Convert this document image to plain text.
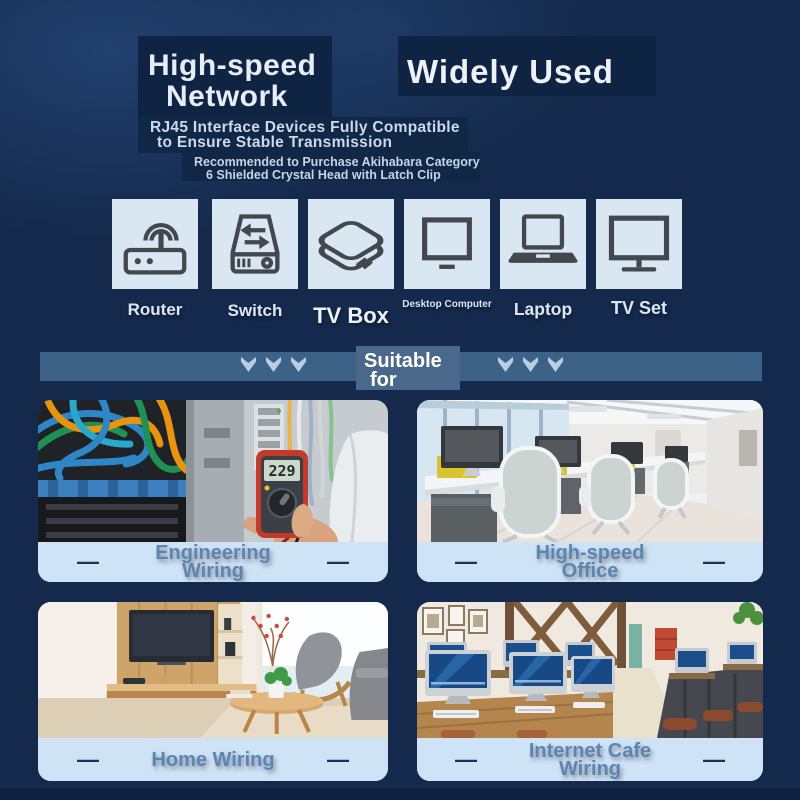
High-speed
Network
Widely Used
RJ45 Interface Devices Fully Compatible
to Ensure Stable Transmission
Recommended to Purchase Akihabara Category
6 Shielded Crystal Head with Latch Clip
Router	Switch	TV Box	Desktop Computer	Laptop	TV Set
Suitable
for
229
—	Engineering
Wiring	—	—	High-speed
Office	—
—	Home Wiring	—	—	Internet Cafe
Wiring	—
